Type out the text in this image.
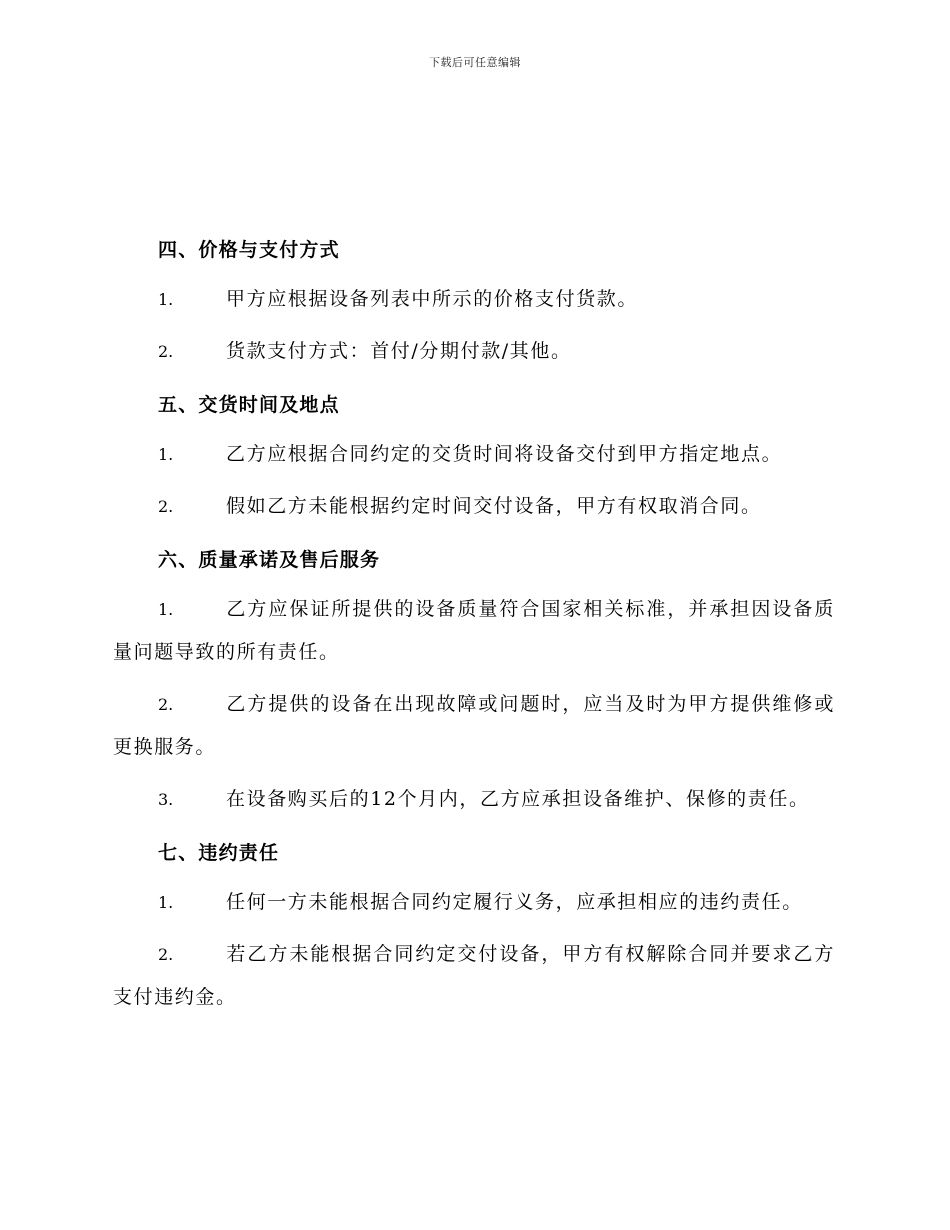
下载后可任意编辑
四、价格与支付方式

1.	甲方应根据设备列表中所示的价格支付货款。

2.	货款支付方式：首付/分期付款/其他。

五、交货时间及地点

1.	乙方应根据合同约定的交货时间将设备交付到甲方指定地点。

2.	假如乙方未能根据约定时间交付设备，甲方有权取消合同。

六、质量承诺及售后服务

1.	乙方应保证所提供的设备质量符合国家相关标准，并承担因设备质量问题导致的所有责任。

2.	乙方提供的设备在出现故障或问题时，应当及时为甲方提供维修或更换服务。

3.	在设备购买后的12个月内，乙方应承担设备维护、保修的责任。

七、违约责任

1.	任何一方未能根据合同约定履行义务，应承担相应的违约责任。

2.	若乙方未能根据合同约定交付设备，甲方有权解除合同并要求乙方支付违约金。
